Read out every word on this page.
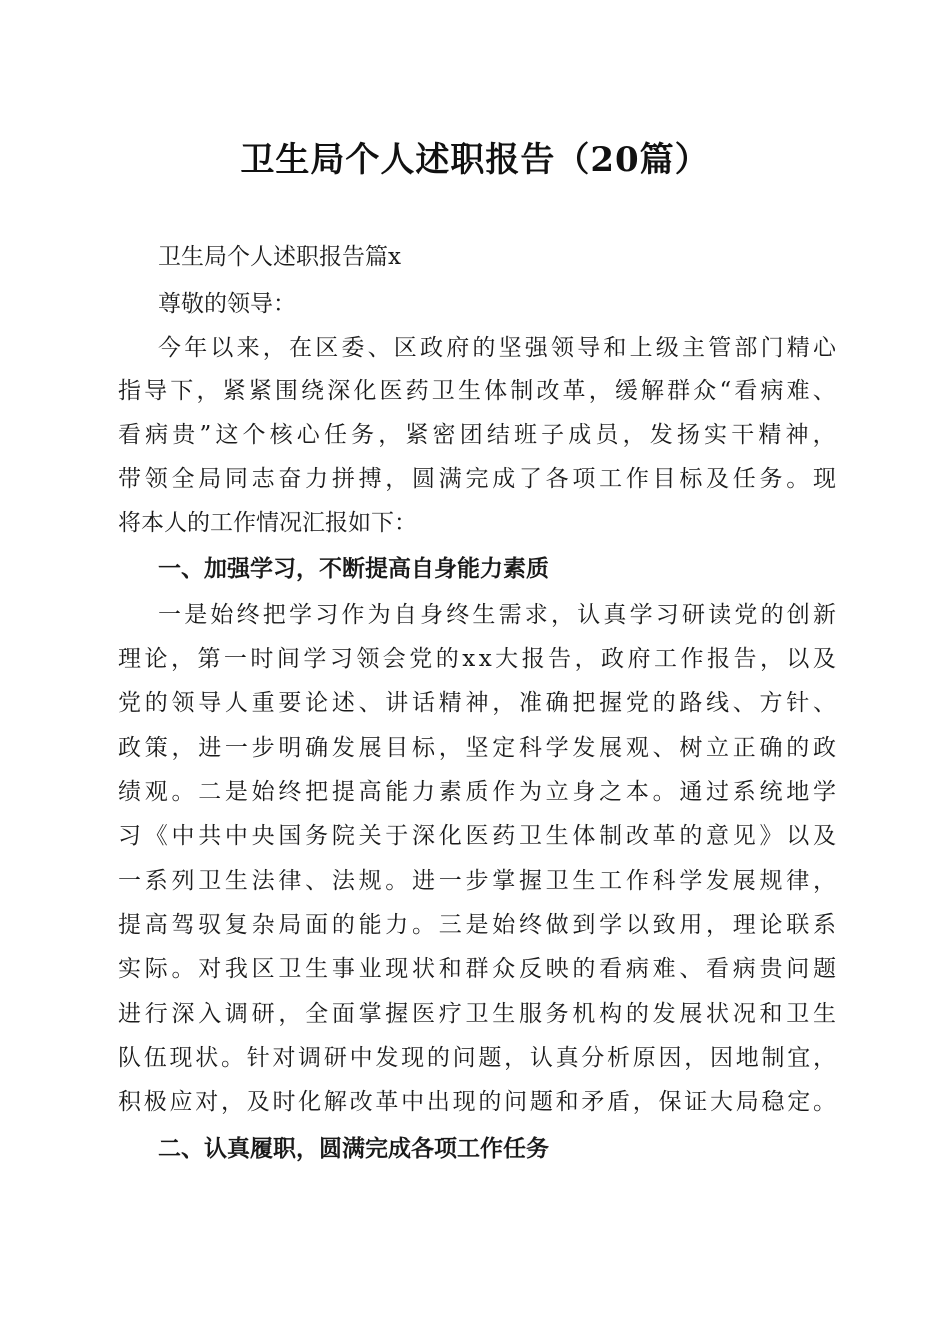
卫生局个人述职报告（20篇）
卫生局个人述职报告篇x
尊敬的领导：
今年以来，在区委、区政府的坚强领导和上级主管部门精心
指导下，紧紧围绕深化医药卫生体制改革，缓解群众“看病难、
看病贵”这个核心任务，紧密团结班子成员，发扬实干精神，
带领全局同志奋力拼搏，圆满完成了各项工作目标及任务。现
将本人的工作情况汇报如下：
一、加强学习，不断提高自身能力素质
一是始终把学习作为自身终生需求，认真学习研读党的创新
理论，第一时间学习领会党的xx大报告，政府工作报告，以及
党的领导人重要论述、讲话精神，准确把握党的路线、方针、
政策，进一步明确发展目标，坚定科学发展观、树立正确的政
绩观。二是始终把提高能力素质作为立身之本。通过系统地学
习《中共中央国务院关于深化医药卫生体制改革的意见》以及
一系列卫生法律、法规。进一步掌握卫生工作科学发展规律，
提高驾驭复杂局面的能力。三是始终做到学以致用，理论联系
实际。对我区卫生事业现状和群众反映的看病难、看病贵问题
进行深入调研，全面掌握医疗卫生服务机构的发展状况和卫生
队伍现状。针对调研中发现的问题，认真分析原因，因地制宜，
积极应对，及时化解改革中出现的问题和矛盾，保证大局稳定。
二、认真履职，圆满完成各项工作任务
